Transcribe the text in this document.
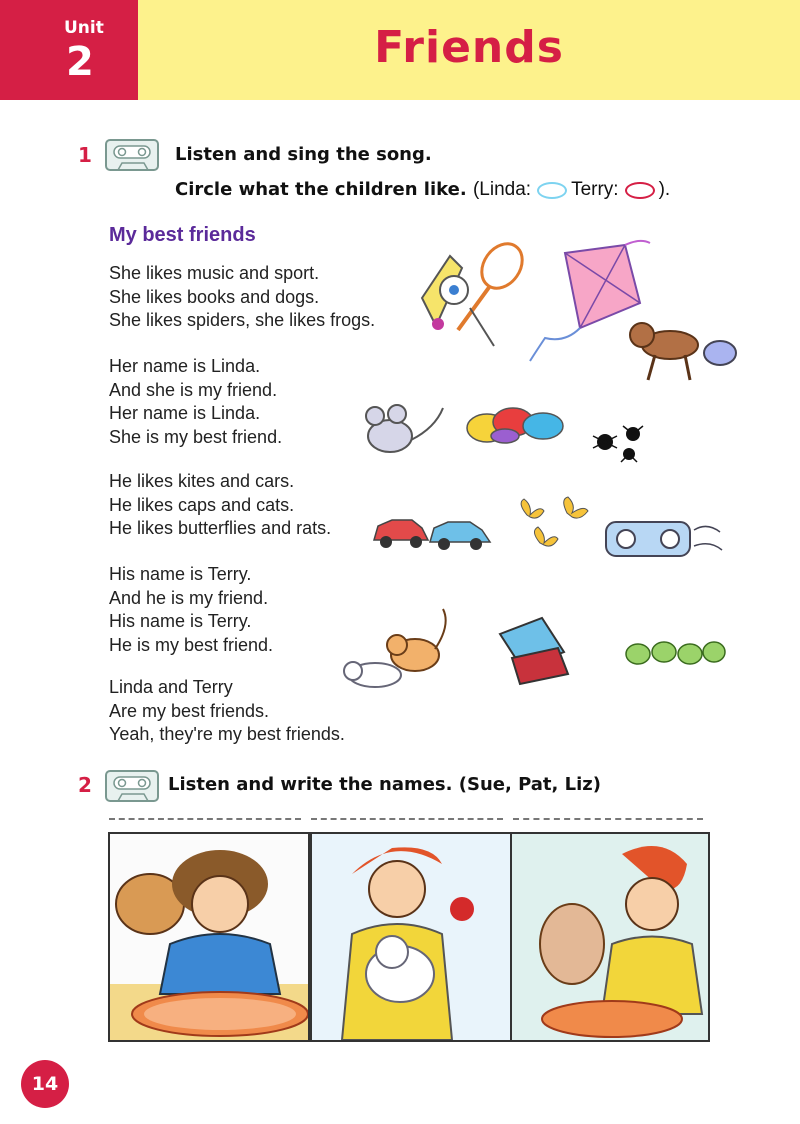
Unit
2	Friends
1	Listen and sing the song.
Circle what the children like. (Linda: Terry: ).
My best friends
She likes music and sport.
She likes books and dogs.
She likes spiders, she likes frogs.
Her name is Linda.
And she is my friend.
Her name is Linda.
She is my best friend.
He likes kites and cars.
He likes caps and cats.
He likes butterflies and rats.
His name is Terry.
And he is my friend.
His name is Terry.
He is my best friend.
Linda and Terry
Are my best friends.
Yeah, they're my best friends.
2	Listen and write the names. (Sue, Pat, Liz)
14
